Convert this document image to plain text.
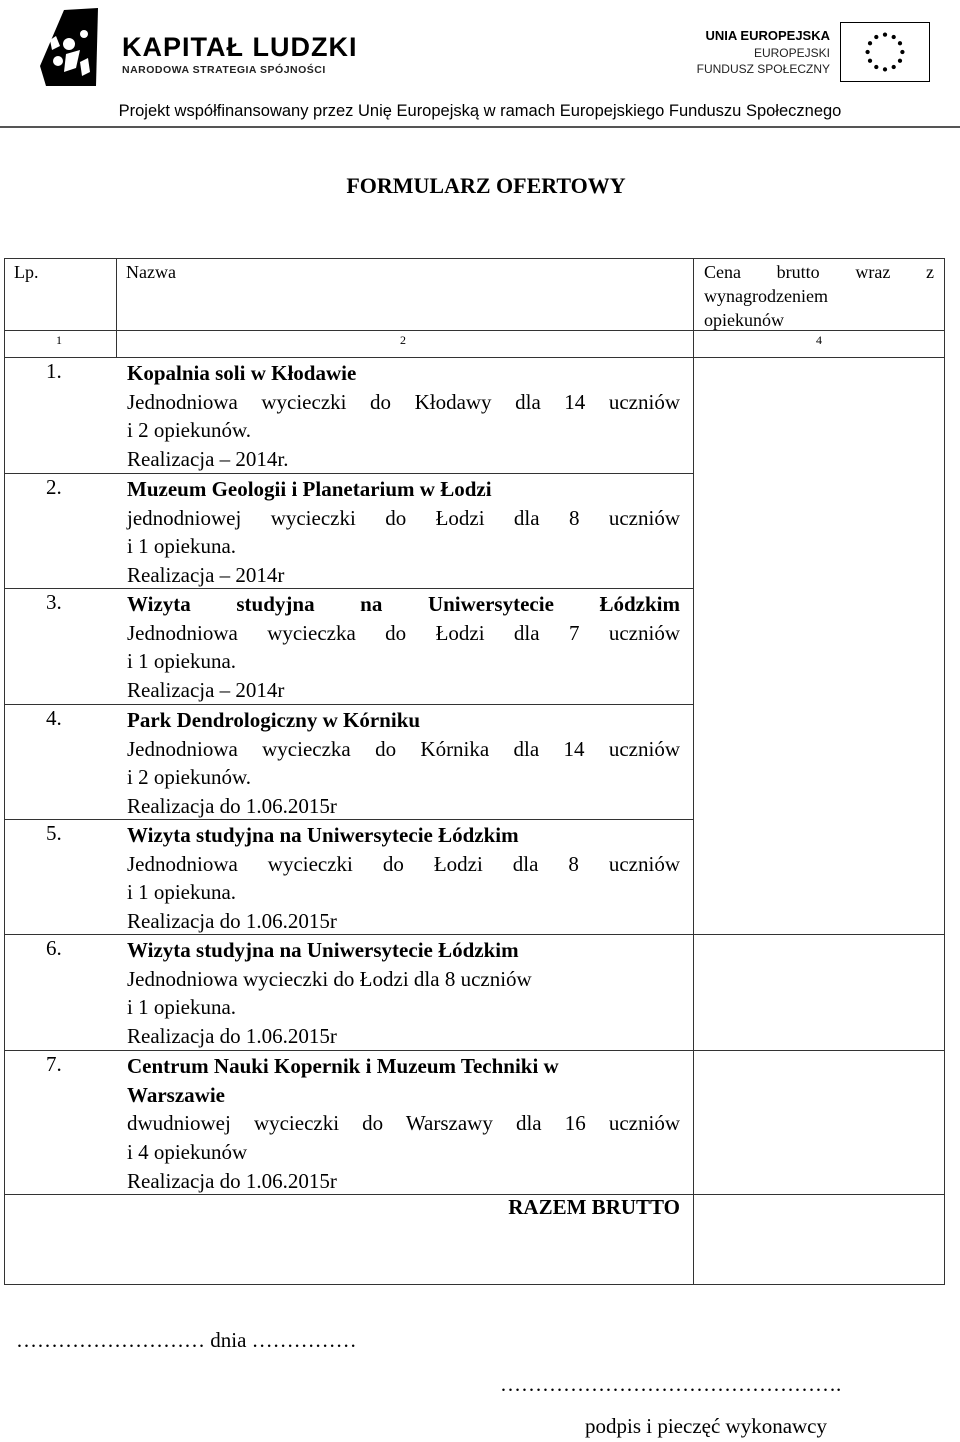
KAPITAŁ LUDZKI
NARODOWA STRATEGIA SPÓJNOŚCI
UNIA EUROPEJSKA
EUROPEJSKI
FUNDUSZ SPOŁECZNY
Projekt współfinansowany przez Unię Europejską w ramach Europejskiego Funduszu Społecznego
FORMULARZ OFERTOWY
Lp.	Nazwa	Cena brutto wraz z
wynagrodzeniem
opiekunów
1	2	4
1.	Kopalnia soli w Kłodawie
Jednodniowa wycieczki do Kłodawy dla 14 uczniów
i 2 opiekunów.
Realizacja – 2014r.
2.	Muzeum Geologii i Planetarium w Łodzi
jednodniowej wycieczki do Łodzi dla 8 uczniów
i 1 opiekuna.
Realizacja – 2014r
3.	Wizyta studyjna na Uniwersytecie Łódzkim
Jednodniowa wycieczka do Łodzi dla 7 uczniów
i 1 opiekuna.
Realizacja – 2014r
4.	Park Dendrologiczny w Kórniku
Jednodniowa wycieczka do Kórnika dla 14 uczniów
i 2 opiekunów.
Realizacja do 1.06.2015r
5.	Wizyta studyjna na Uniwersytecie Łódzkim
Jednodniowa wycieczki do Łodzi dla 8 uczniów
i 1 opiekuna.
Realizacja do 1.06.2015r
6.	Wizyta studyjna na Uniwersytecie Łódzkim
Jednodniowa wycieczki do Łodzi dla 8 uczniów
i 1 opiekuna.
Realizacja do 1.06.2015r
7.	Centrum Nauki Kopernik i Muzeum Techniki w
Warszawie
dwudniowej wycieczki do Warszawy dla 16 uczniów
i 4 opiekunów
Realizacja do 1.06.2015r
RAZEM BRUTTO
……………………… dnia ……………
………………………………………….
podpis i pieczęć wykonawcy
